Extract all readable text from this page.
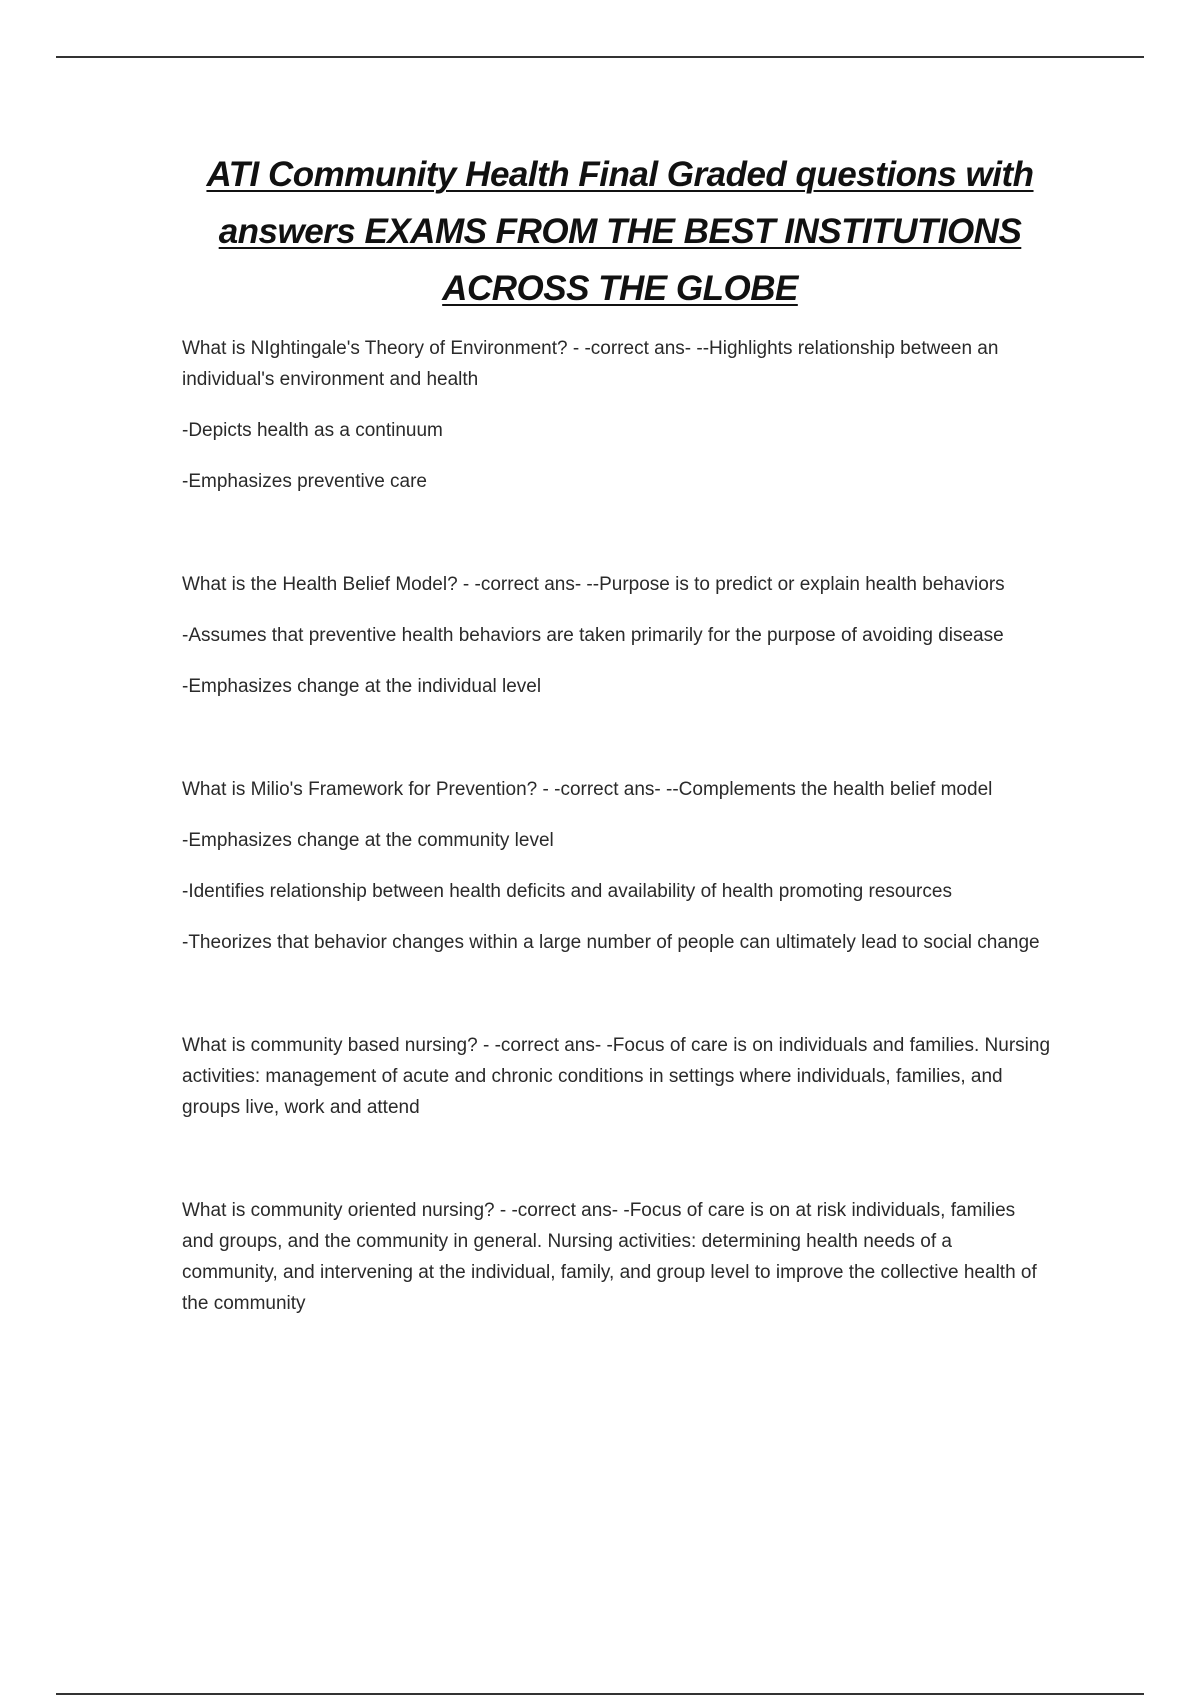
ATI Community Health Final Graded questions with answers EXAMS FROM THE BEST INSTITUTIONS ACROSS THE GLOBE

What is NIghtingale's Theory of Environment? - -correct ans- --Highlights relationship between an individual's environment and health

-Depicts health as a continuum

-Emphasizes preventive care

What is the Health Belief Model? - -correct ans- --Purpose is to predict or explain health behaviors

-Assumes that preventive health behaviors are taken primarily for the purpose of avoiding disease

-Emphasizes change at the individual level

What is Milio's Framework for Prevention? - -correct ans- --Complements the health belief model

-Emphasizes change at the community level

-Identifies relationship between health deficits and availability of health promoting resources

-Theorizes that behavior changes within a large number of people can ultimately lead to social change

What is community based nursing? - -correct ans- -Focus of care is on individuals and families. Nursing activities: management of acute and chronic conditions in settings where individuals, families, and groups live, work and attend

What is community oriented nursing? - -correct ans- -Focus of care is on at risk individuals, families and groups, and the community in general. Nursing activities: determining health needs of a community, and intervening at the individual, family, and group level to improve the collective health of the community
